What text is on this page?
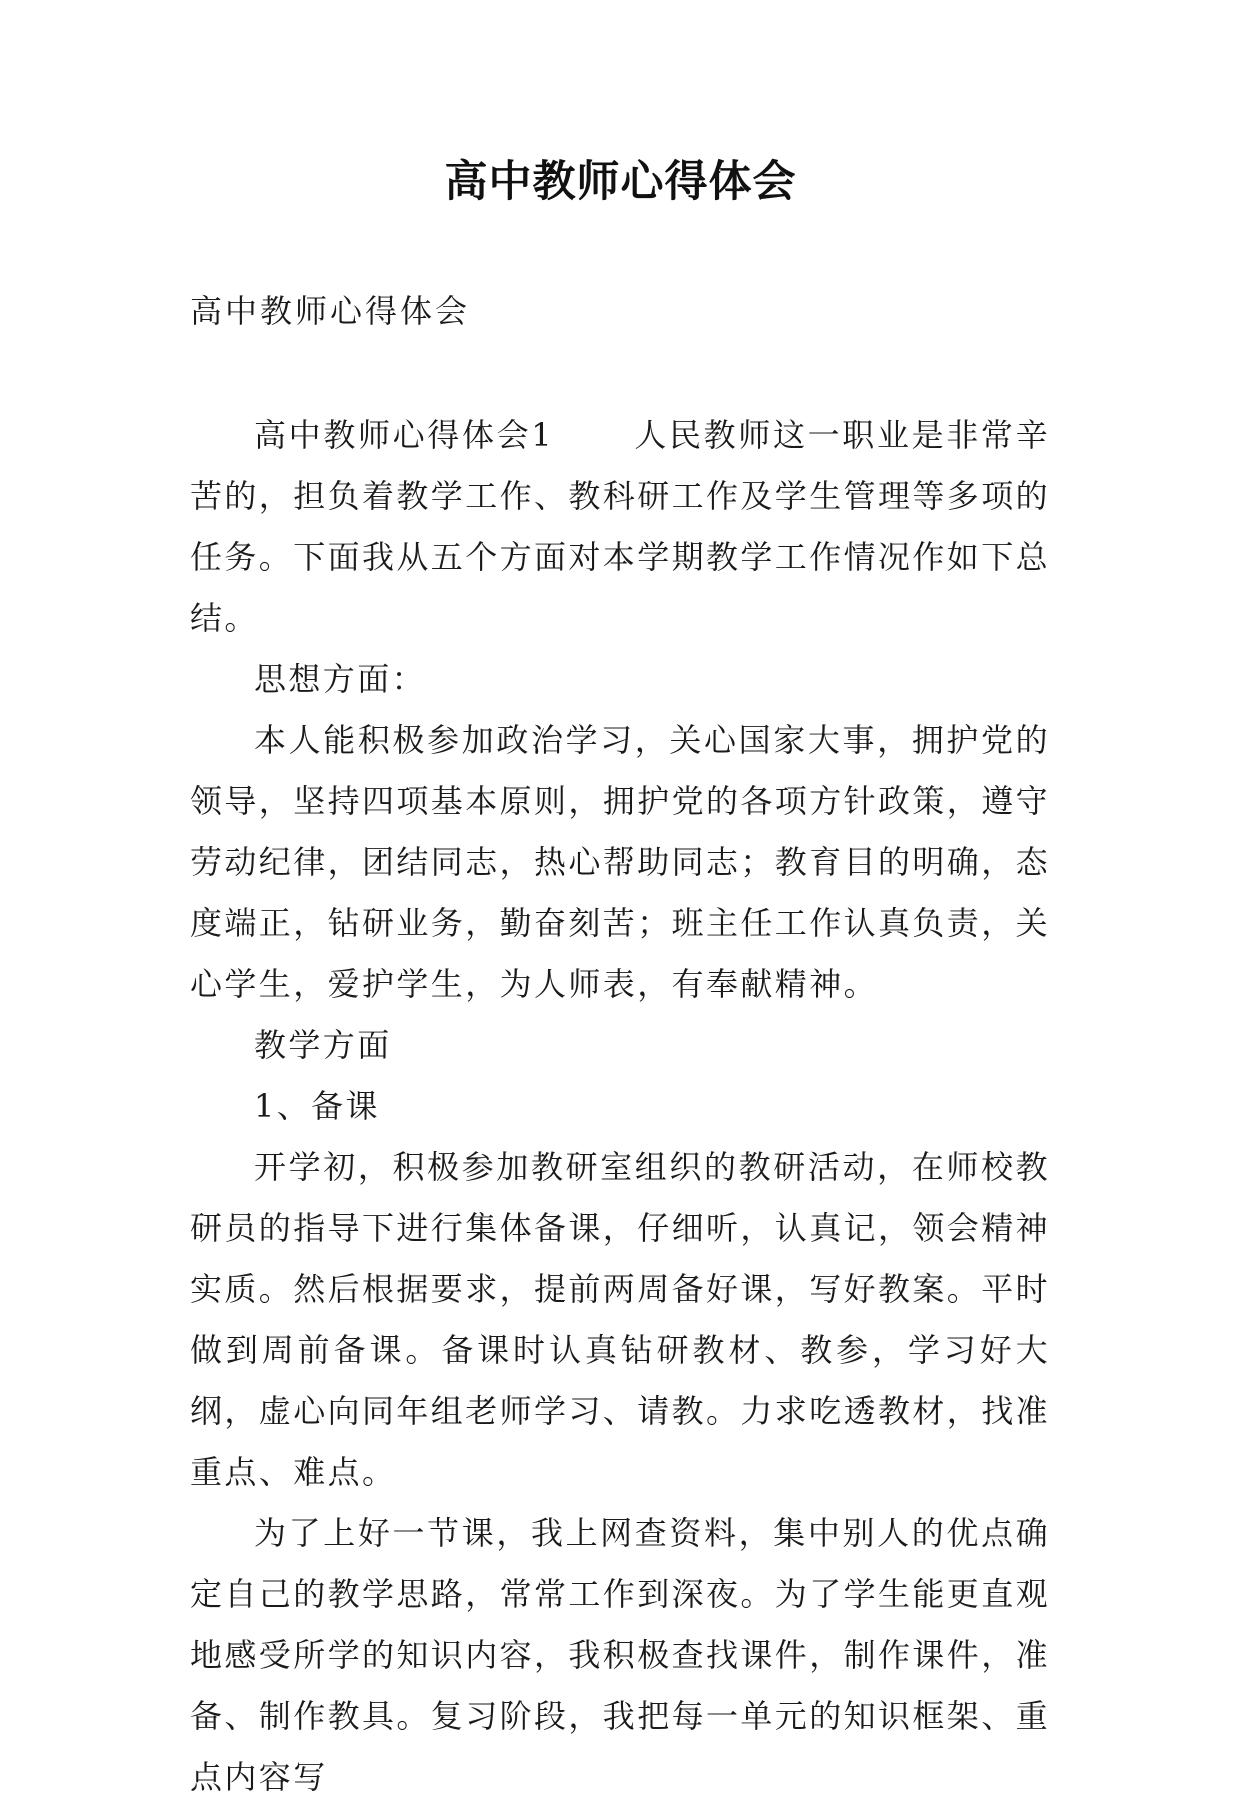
高中教师心得体会
高中教师心得体会

高中教师心得体会1	人民教师这一职业是非常辛苦的，担负着教学工作、教科研工作及学生管理等多项的任务。下面我从五个方面对本学期教学工作情况作如下总结。

思想方面：

本人能积极参加政治学习，关心国家大事，拥护党的领导，坚持四项基本原则，拥护党的各项方针政策，遵守劳动纪律，团结同志，热心帮助同志；教育目的明确，态度端正，钻研业务，勤奋刻苦；班主任工作认真负责，关心学生，爱护学生，为人师表，有奉献精神。

教学方面

1、备课

开学初，积极参加教研室组织的教研活动，在师校教研员的指导下进行集体备课，仔细听，认真记，领会精神实质。然后根据要求，提前两周备好课，写好教案。平时做到周前备课。备课时认真钻研教材、教参，学习好大纲，虚心向同年组老师学习、请教。力求吃透教材，找准重点、难点。

为了上好一节课，我上网查资料，集中别人的优点确定自己的教学思路，常常工作到深夜。为了学生能更直观地感受所学的知识内容，我积极查找课件，制作课件，准备、制作教具。复习阶段，我把每一单元的知识框架、重点内容写
